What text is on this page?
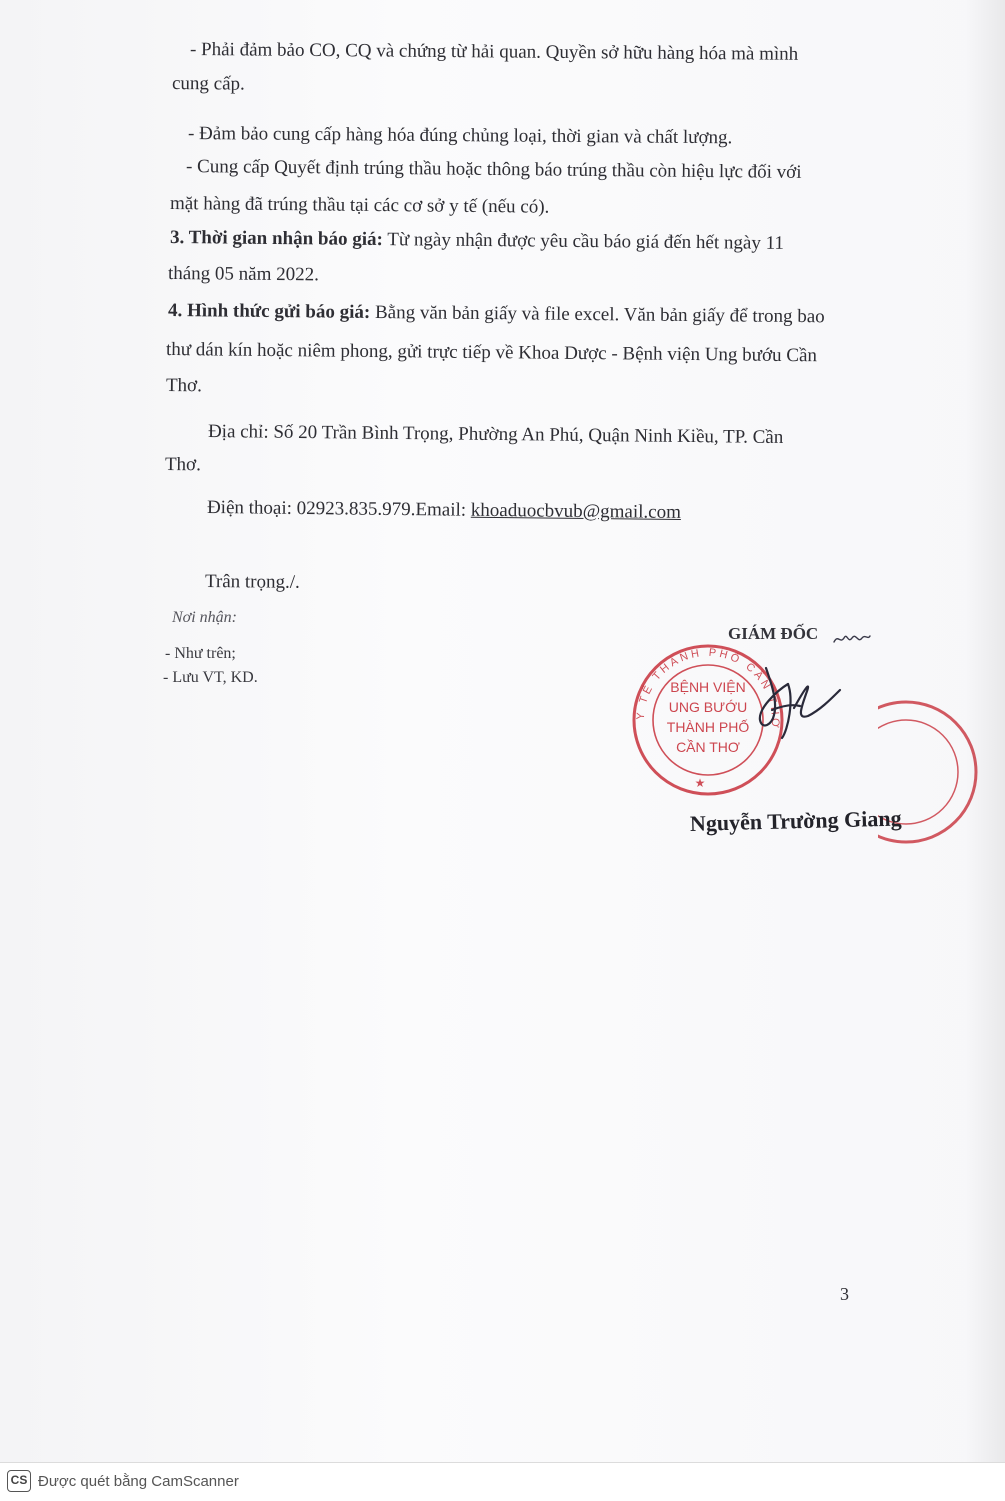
- Phải đảm bảo CO, CQ và chứng từ hải quan. Quyền sở hữu hàng hóa mà mình
cung cấp.
- Đảm bảo cung cấp hàng hóa đúng chủng loại, thời gian và chất lượng.
- Cung cấp Quyết định trúng thầu hoặc thông báo trúng thầu còn hiệu lực đối với
mặt hàng đã trúng thầu tại các cơ sở y tế (nếu có).
3. Thời gian nhận báo giá: Từ ngày nhận được yêu cầu báo giá đến hết ngày 11
tháng 05 năm 2022.
4. Hình thức gửi báo giá: Bằng văn bản giấy và file excel. Văn bản giấy để trong bao
thư dán kín hoặc niêm phong, gửi trực tiếp về Khoa Dược - Bệnh viện Ung bướu Cần
Thơ.
Địa chỉ: Số 20 Trần Bình Trọng, Phường An Phú, Quận Ninh Kiều, TP. Cần
Thơ.
Điện thoại: 02923.835.979.Email: khoaduocbvub@gmail.com
Trân trọng./.
Nơi nhận:
- Như trên;
- Lưu VT, KD.
GIÁM ĐỐC
Y TẾ THÀNH PHỐ CẦN THƠ
BỆNH VIỆN
UNG BƯỚU
THÀNH PHỐ
CẦN THƠ
★
Nguyễn Trường Giang
3
CS Được quét bằng CamScanner
